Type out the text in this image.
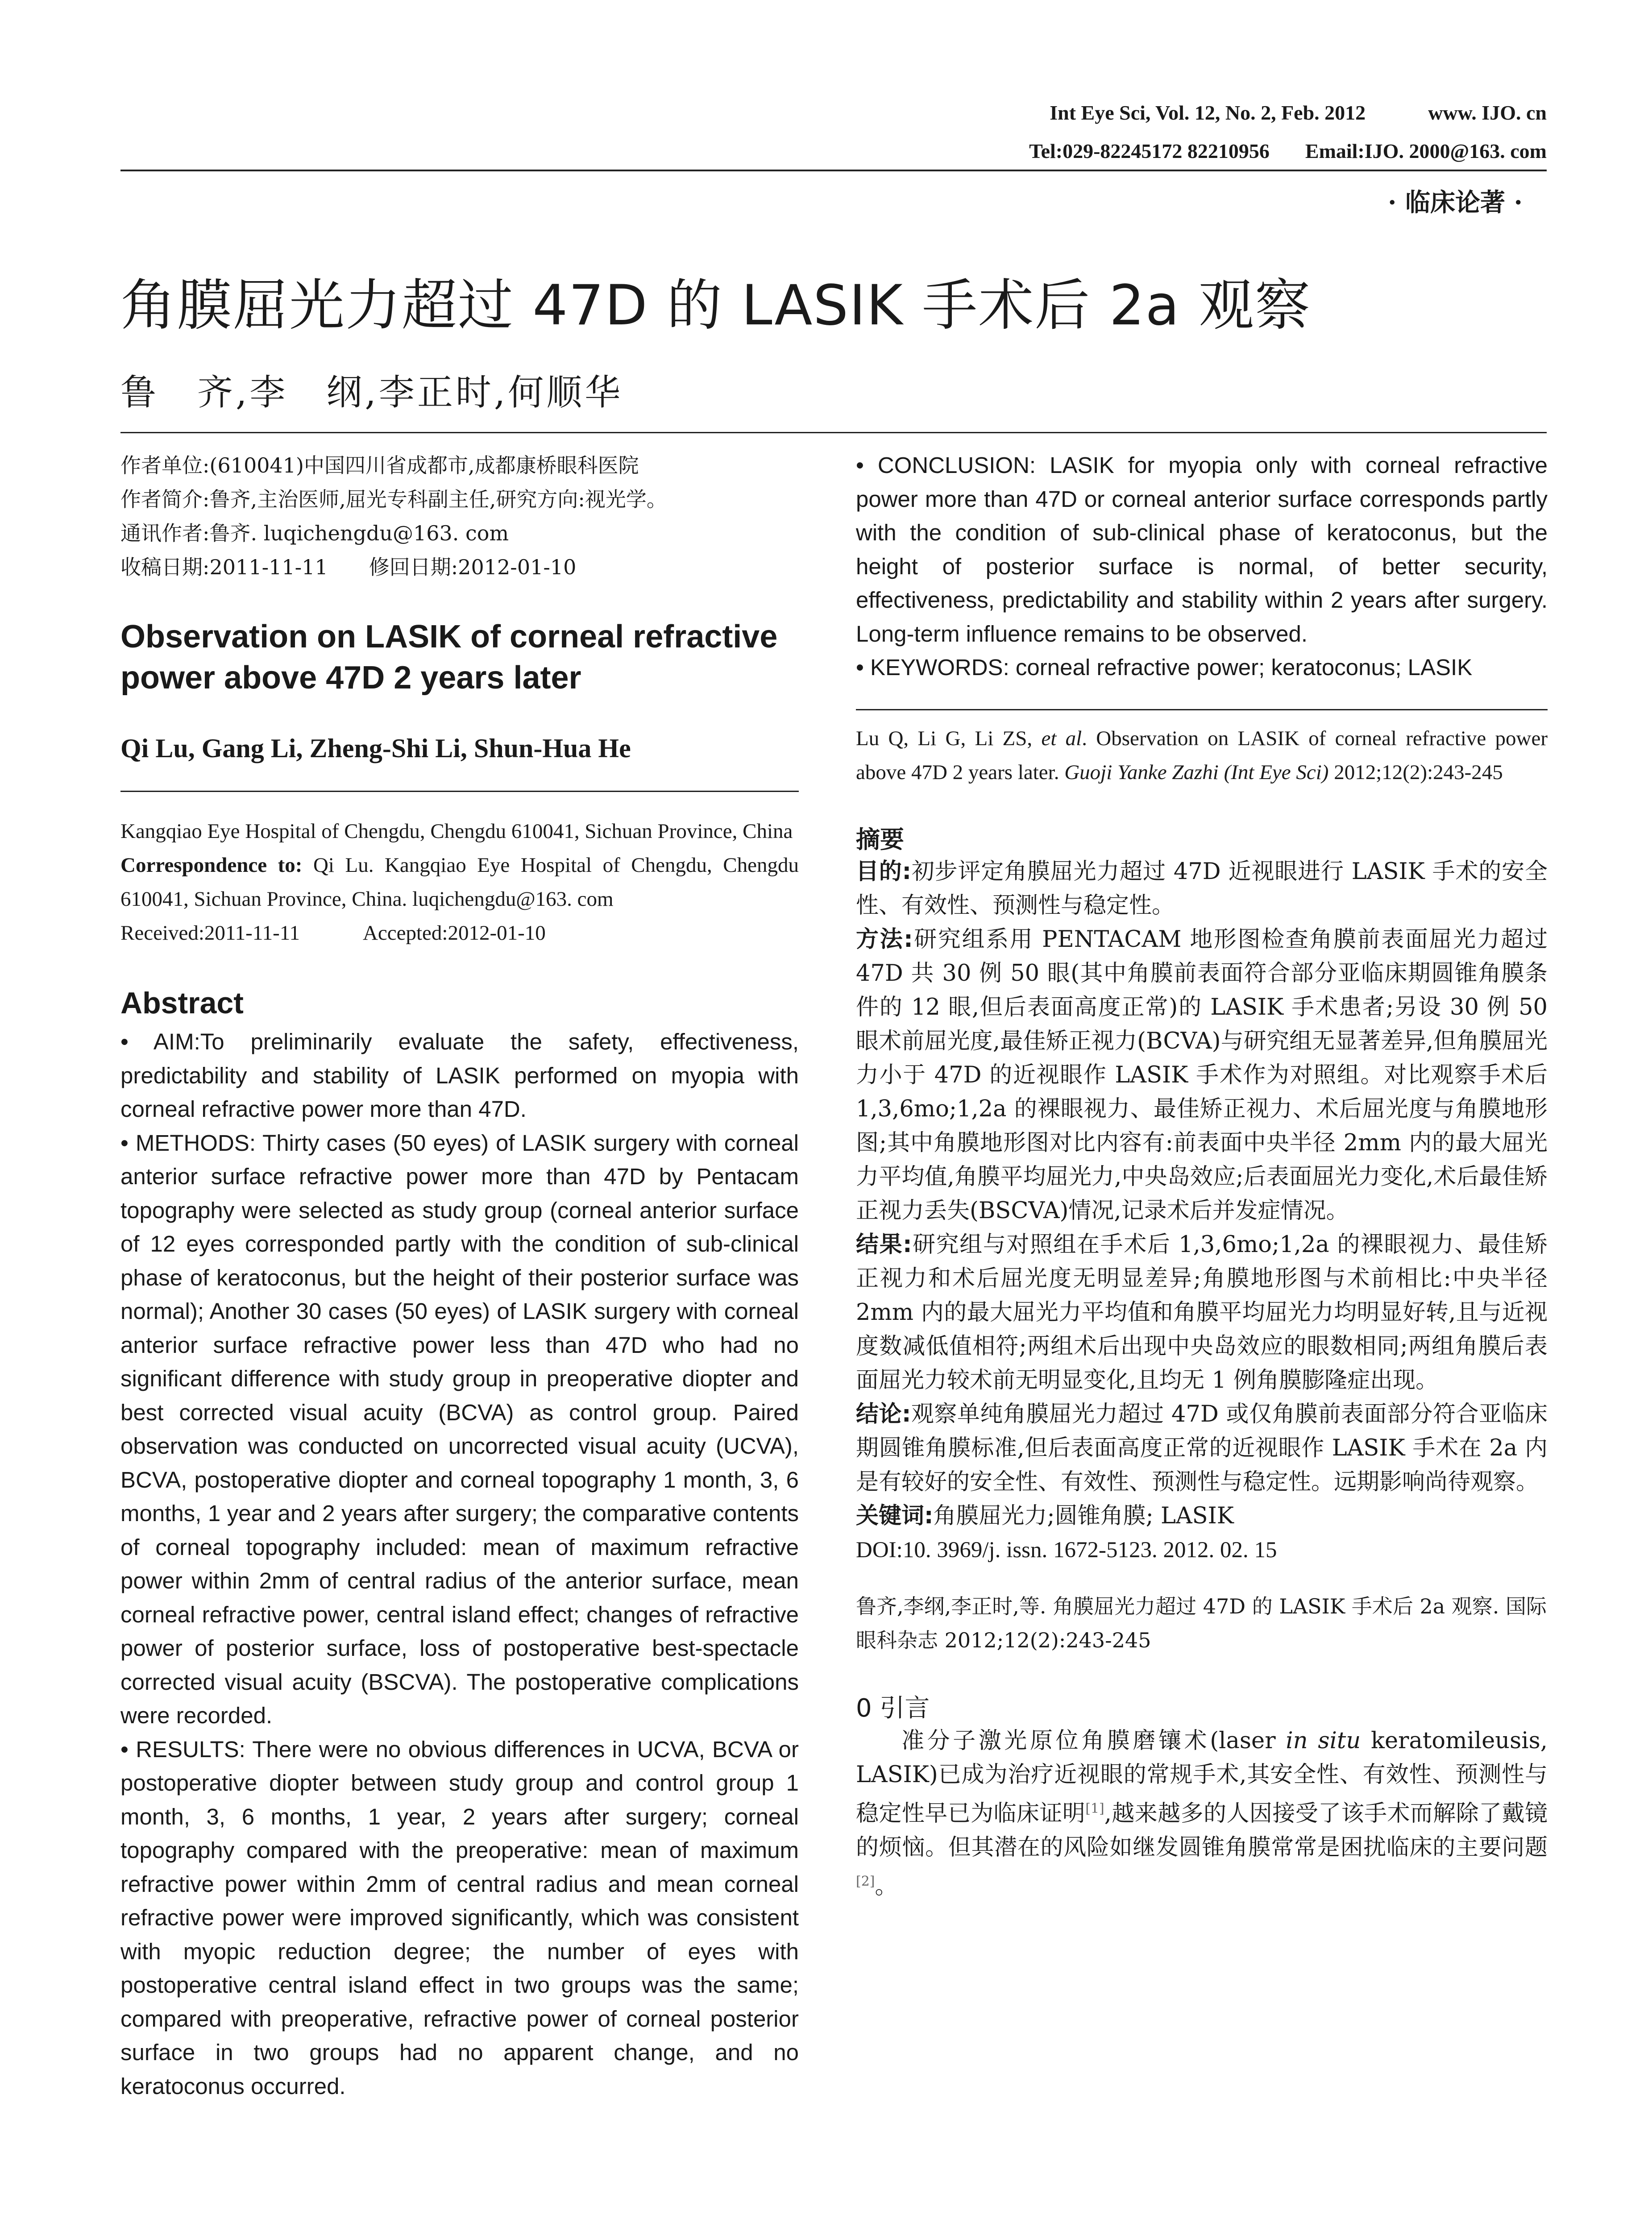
Int Eye Sci, Vol. 12, No. 2, Feb. 2012	www. IJO. cn
Tel:029-82245172 82210956 Email:IJO. 2000@163. com
· 临床论著 ·
角膜屈光力超过 47D 的 LASIK 手术后 2a 观察
鲁　齐,李　纲,李正时,何顺华

作者单位:(610041)中国四川省成都市,成都康桥眼科医院

作者简介:鲁齐,主治医师,屈光专科副主任,研究方向:视光学。

通讯作者:鲁齐. luqichengdu@163. com

收稿日期:2011-11-11　　修回日期:2012-01-10

Observation on LASIK of corneal refractive power above 47D 2 years later
Qi Lu, Gang Li, Zheng-Shi Li, Shun-Hua He

Kangqiao Eye Hospital of Chengdu, Chengdu 610041, Sichuan Province, China

Correspondence to: Qi Lu. Kangqiao Eye Hospital of Chengdu, Chengdu 610041, Sichuan Province, China. luqichengdu@163. com

Received:2011-11-11　　　Accepted:2012-01-10

Abstract

• AIM:To preliminarily evaluate the safety, effectiveness, predictability and stability of LASIK performed on myopia with corneal refractive power more than 47D.

• METHODS: Thirty cases (50 eyes) of LASIK surgery with corneal anterior surface refractive power more than 47D by Pentacam topography were selected as study group (corneal anterior surface of 12 eyes corresponded partly with the condition of sub-clinical phase of keratoconus, but the height of their posterior surface was normal); Another 30 cases (50 eyes) of LASIK surgery with corneal anterior surface refractive power less than 47D who had no significant difference with study group in preoperative diopter and best corrected visual acuity (BCVA) as control group. Paired observation was conducted on uncorrected visual acuity (UCVA), BCVA, postoperative diopter and corneal topography 1 month, 3, 6 months, 1 year and 2 years after surgery; the comparative contents of corneal topography included: mean of maximum refractive power within 2mm of central radius of the anterior surface, mean corneal refractive power, central island effect; changes of refractive power of posterior surface, loss of postoperative best-spectacle corrected visual acuity (BSCVA). The postoperative complications were recorded.

• RESULTS: There were no obvious differences in UCVA, BCVA or postoperative diopter between study group and control group 1 month, 3, 6 months, 1 year, 2 years after surgery; corneal topography compared with the preoperative: mean of maximum refractive power within 2mm of central radius and mean corneal refractive power were improved significantly, which was consistent with myopic reduction degree; the number of eyes with postoperative central island effect in two groups was the same; compared with preoperative, refractive power of corneal posterior surface in two groups had no apparent change, and no keratoconus occurred.

• CONCLUSION: LASIK for myopia only with corneal refractive power more than 47D or corneal anterior surface corresponds partly with the condition of sub-clinical phase of keratoconus, but the height of posterior surface is normal, of better security, effectiveness, predictability and stability within 2 years after surgery. Long-term influence remains to be observed.

• KEYWORDS: corneal refractive power; keratoconus; LASIK

Lu Q, Li G, Li ZS, et al. Observation on LASIK of corneal refractive power above 47D 2 years later. Guoji Yanke Zazhi (Int Eye Sci) 2012;12(2):243-245

摘要

目的:初步评定角膜屈光力超过 47D 近视眼进行 LASIK 手术的安全性、有效性、预测性与稳定性。

方法:研究组系用 PENTACAM 地形图检查角膜前表面屈光力超过 47D 共 30 例 50 眼(其中角膜前表面符合部分亚临床期圆锥角膜条件的 12 眼,但后表面高度正常)的 LASIK 手术患者;另设 30 例 50 眼术前屈光度,最佳矫正视力(BCVA)与研究组无显著差异,但角膜屈光力小于 47D 的近视眼作 LASIK 手术作为对照组。对比观察手术后 1,3,6mo;1,2a 的裸眼视力、最佳矫正视力、术后屈光度与角膜地形图;其中角膜地形图对比内容有:前表面中央半径 2mm 内的最大屈光力平均值,角膜平均屈光力,中央岛效应;后表面屈光力变化,术后最佳矫正视力丢失(BSCVA)情况,记录术后并发症情况。

结果:研究组与对照组在手术后 1,3,6mo;1,2a 的裸眼视力、最佳矫正视力和术后屈光度无明显差异;角膜地形图与术前相比:中央半径 2mm 内的最大屈光力平均值和角膜平均屈光力均明显好转,且与近视度数减低值相符;两组术后出现中央岛效应的眼数相同;两组角膜后表面屈光力较术前无明显变化,且均无 1 例角膜膨隆症出现。

结论:观察单纯角膜屈光力超过 47D 或仅角膜前表面部分符合亚临床期圆锥角膜标准,但后表面高度正常的近视眼作 LASIK 手术在 2a 内是有较好的安全性、有效性、预测性与稳定性。远期影响尚待观察。

关键词:角膜屈光力;圆锥角膜; LASIK

DOI:10. 3969/j. issn. 1672-5123. 2012. 02. 15

鲁齐,李纲,李正时,等. 角膜屈光力超过 47D 的 LASIK 手术后 2a 观察. 国际眼科杂志 2012;12(2):243-245

0 引言

准分子激光原位角膜磨镶术(laser in situ keratomileusis, LASIK)已成为治疗近视眼的常规手术,其安全性、有效性、预测性与稳定性早已为临床证明[1],越来越多的人因接受了该手术而解除了戴镜的烦恼。但其潜在的风险如继发圆锥角膜常常是困扰临床的主要问题[2]。
